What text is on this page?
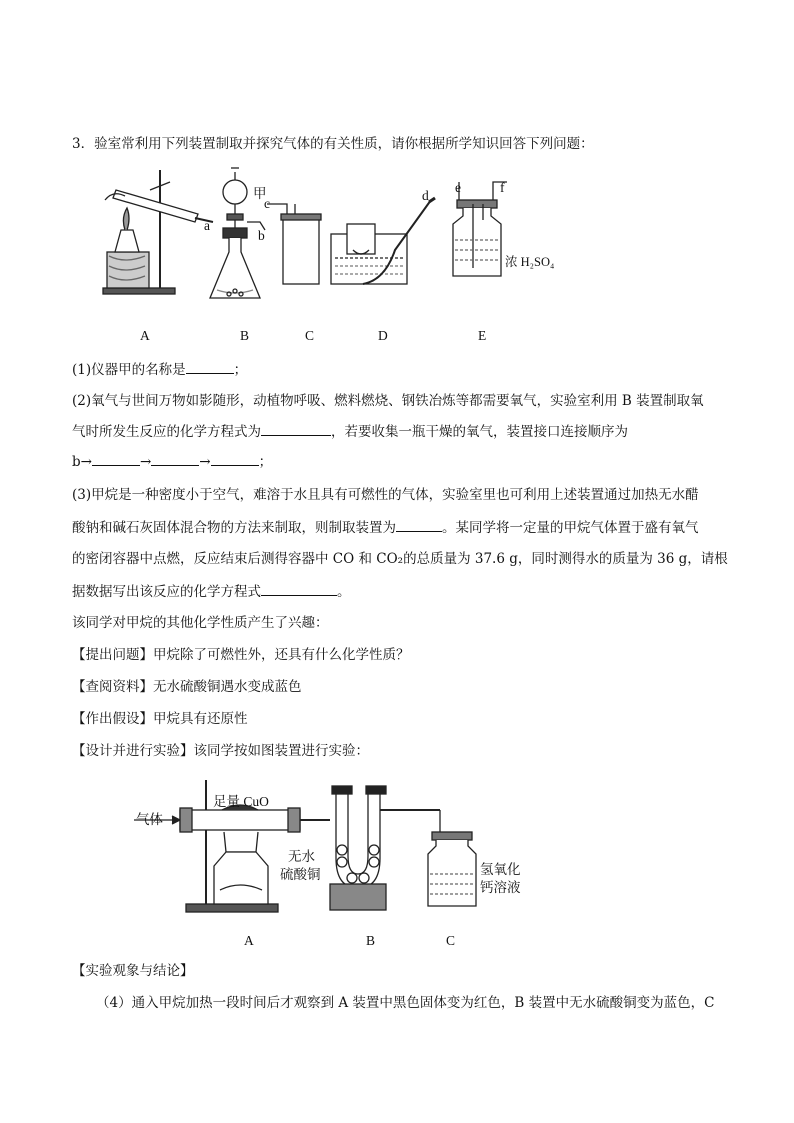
3．验室常利用下列装置制取并探究气体的有关性质，请你根据所学知识回答下列问题：
甲
a
b
c
d
e	f
浓 H₂SO₄
A	B	C	D	E
(1)仪器甲的名称是	；
(2)氧气与世间万物如影随形，动植物呼吸、燃料燃烧、钢铁冶炼等都需要氧气，实验室利用 B 装置制取氧
气时所发生反应的化学方程式为	，若要收集一瓶干燥的氧气，装置接口连接顺序为
b→	→	→	；
(3)甲烷是一种密度小于空气，难溶于水且具有可燃性的气体，实验室里也可利用上述装置通过加热无水醋
酸钠和碱石灰固体混合物的方法来制取，则制取装置为	。某同学将一定量的甲烷气体置于盛有氧气
的密闭容器中点燃，反应结束后测得容器中 CO 和 CO₂的总质量为 37.6 g，同时测得水的质量为 36 g，请根
据数据写出该反应的化学方程式	。
该同学对甲烷的其他化学性质产生了兴趣：
【提出问题】甲烷除了可燃性外，还具有什么化学性质？
【查阅资料】无水硫酸铜遇水变成蓝色
【作出假设】甲烷具有还原性
【设计并进行实验】该同学按如图装置进行实验：
气体
足量 CuO
无水
硫酸铜	氢氧化
钙溶液
A	B	C
【实验观象与结论】
（4）通入甲烷加热一段时间后才观察到 A 装置中黑色固体变为红色，B 装置中无水硫酸铜变为蓝色，C
